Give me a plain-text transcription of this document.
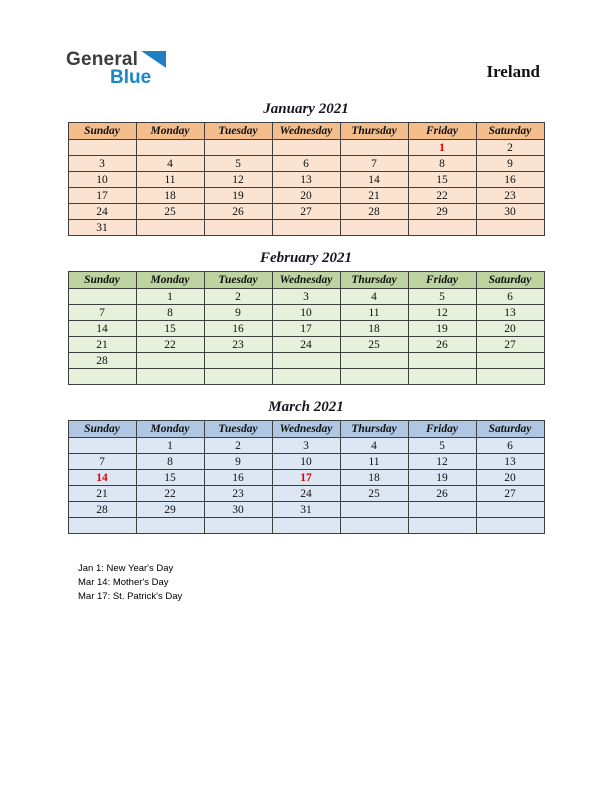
General
Blue	Ireland
January 2021
Sunday	Monday	Tuesday	Wednesday	Thursday	Friday	Saturday
					1	2
3	4	5	6	7	8	9
10	11	12	13	14	15	16
17	18	19	20	21	22	23
24	25	26	27	28	29	30
31						
February 2021
Sunday	Monday	Tuesday	Wednesday	Thursday	Friday	Saturday
	1	2	3	4	5	6
7	8	9	10	11	12	13
14	15	16	17	18	19	20
21	22	23	24	25	26	27
28						

March 2021
Sunday	Monday	Tuesday	Wednesday	Thursday	Friday	Saturday
	1	2	3	4	5	6
7	8	9	10	11	12	13
14	15	16	17	18	19	20
21	22	23	24	25	26	27
28	29	30	31			

Jan 1: New Year's Day
Mar 14: Mother's Day
Mar 17: St. Patrick's Day
